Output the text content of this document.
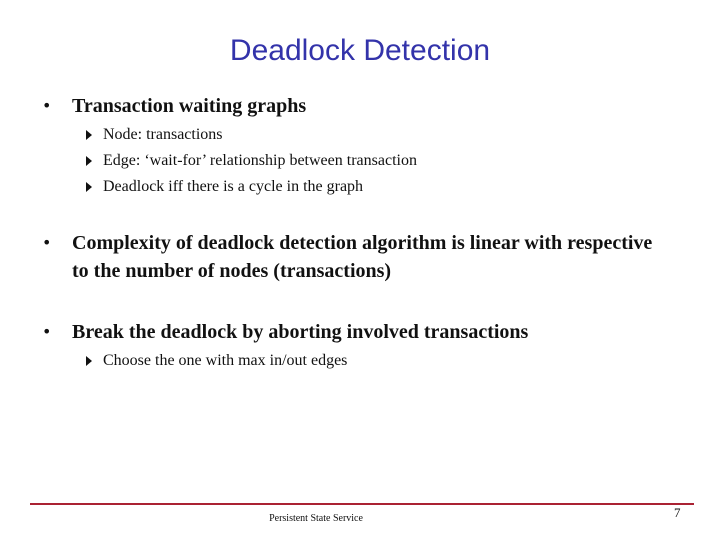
Deadlock Detection
• Transaction waiting graphs
Node: transactions
Edge: ‘wait-for’ relationship between transaction
Deadlock iff there is a cycle in the graph
• Complexity of deadlock detection algorithm is linear with respective to the number of nodes (transactions)
• Break the deadlock by aborting involved transactions
Choose the one with max in/out edges
Persistent State Service	7
